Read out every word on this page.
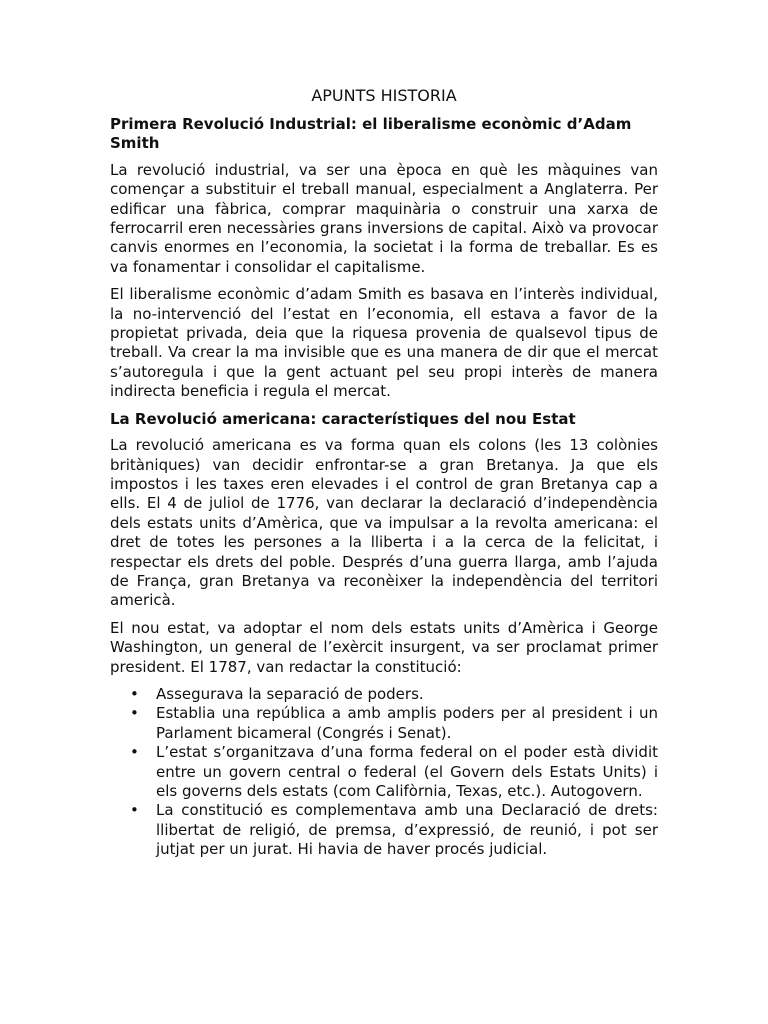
APUNTS HISTORIA
Primera Revolució Industrial: el liberalisme econòmic d’Adam Smith

La revolució industrial, va ser una època en què les màquines van començar a substituir el treball manual, especialment a Anglaterra. Per edificar una fàbrica, comprar maquinària o construir una xarxa de ferrocarril eren necessàries grans inversions de capital. Això va provocar canvis enormes en l’economia, la societat i la forma de treballar. Es es va fonamentar i consolidar el capitalisme.

El liberalisme econòmic d’adam Smith es basava en l’interès individual, la no-intervenció del l’estat en l’economia, ell estava a favor de la propietat privada, deia que la riquesa provenia de qualsevol tipus de treball. Va crear la ma invisible que es una manera de dir que el mercat s’autoregula i que la gent actuant pel seu propi interès de manera indirecta beneficia i regula el mercat.

La Revolució americana: característiques del nou Estat

La revolució americana es va forma quan els colons (les 13 colònies britàniques) van decidir enfrontar-se a gran Bretanya. Ja que els impostos i les taxes eren elevades i el control de gran Bretanya cap a ells. El 4 de juliol de 1776, van declarar la declaració d’independència dels estats units d’Amèrica, que va impulsar a la revolta americana: el dret de totes les persones a la lliberta i a la cerca de la felicitat, i respectar els drets del poble. Després d’una guerra llarga, amb l’ajuda de França, gran Bretanya va reconèixer la independència del territori americà.

El nou estat, va adoptar el nom dels estats units d’Amèrica i George Washington, un general de l’exèrcit insurgent, va ser proclamat primer president. El 1787, van redactar la constitució:

• Assegurava la separació de poders.
• Establia una república a amb amplis poders per al president i un Parlament bicameral (Congrés i Senat).
• L’estat s’organitzava d’una forma federal on el poder està dividit entre un govern central o federal (el Govern dels Estats Units) i els governs dels estats (com Califòrnia, Texas, etc.). Autogovern.
• La constitució es complementava amb una Declaració de drets: llibertat de religió, de premsa, d’expressió, de reunió, i pot ser jutjat per un jurat. Hi havia de haver procés judicial.
